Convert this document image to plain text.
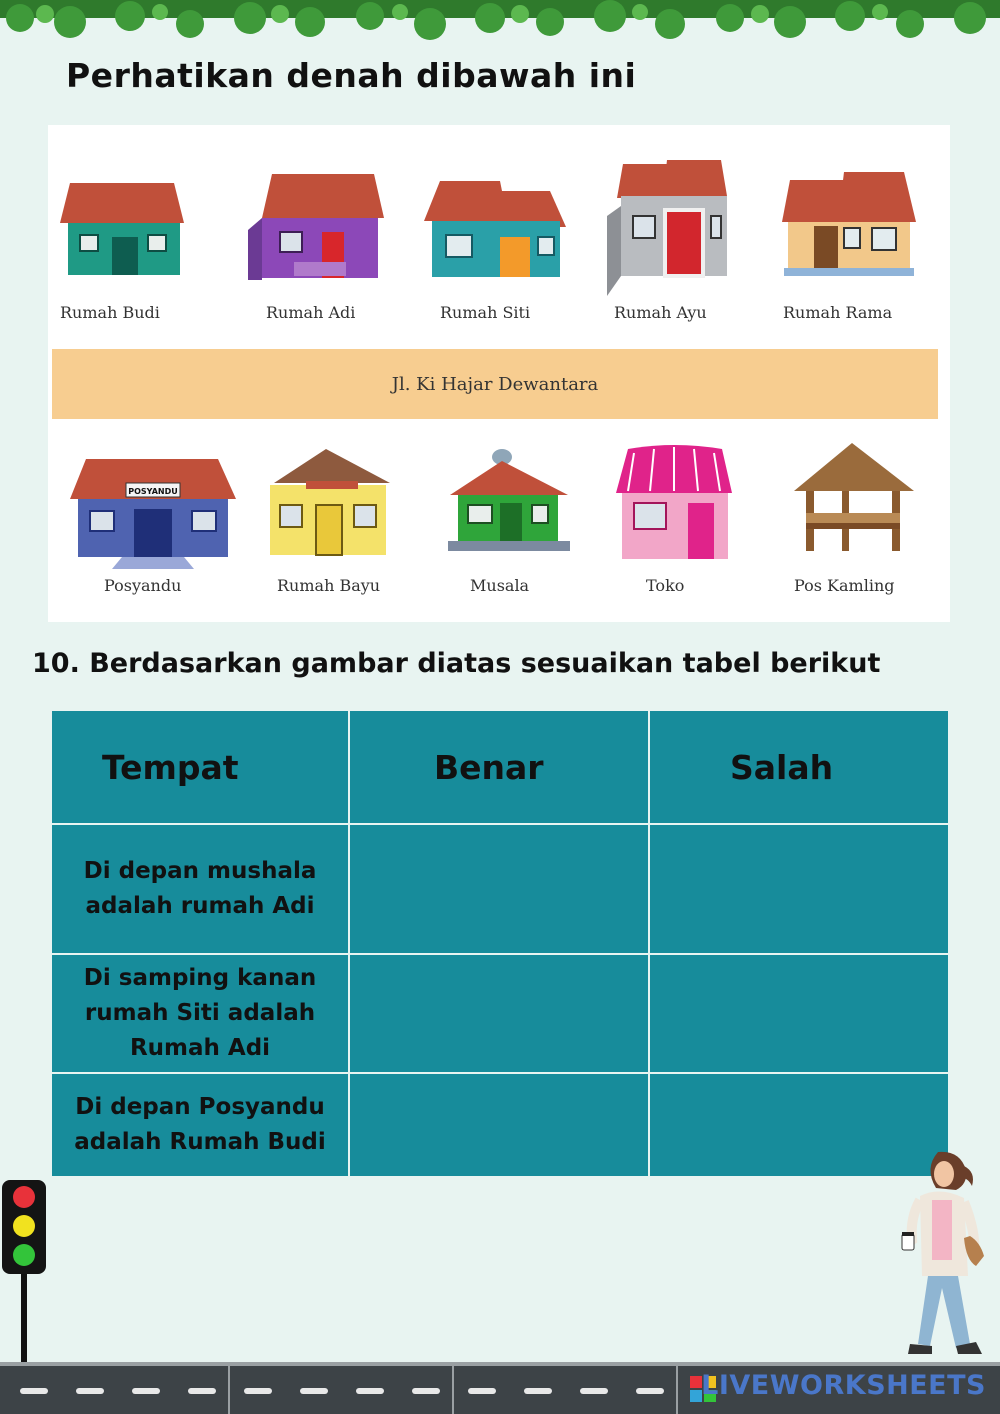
Perhatikan denah dibawah ini
Rumah Budi	Rumah Adi	Rumah Siti	Rumah Ayu	Rumah Rama
Jl. Ki Hajar Dewantara
POSYANDU
Posyandu	Rumah Bayu	Musala	Toko	Pos Kamling
10. Berdasarkan gambar diatas sesuaikan tabel berikut
Tempat	Benar	Salah
Di depan mushala adalah rumah Adi	

Di samping kanan rumah Siti adalah Rumah Adi	

Di depan Posyandu adalah Rumah Budi	

LIVEWORKSHEETS
